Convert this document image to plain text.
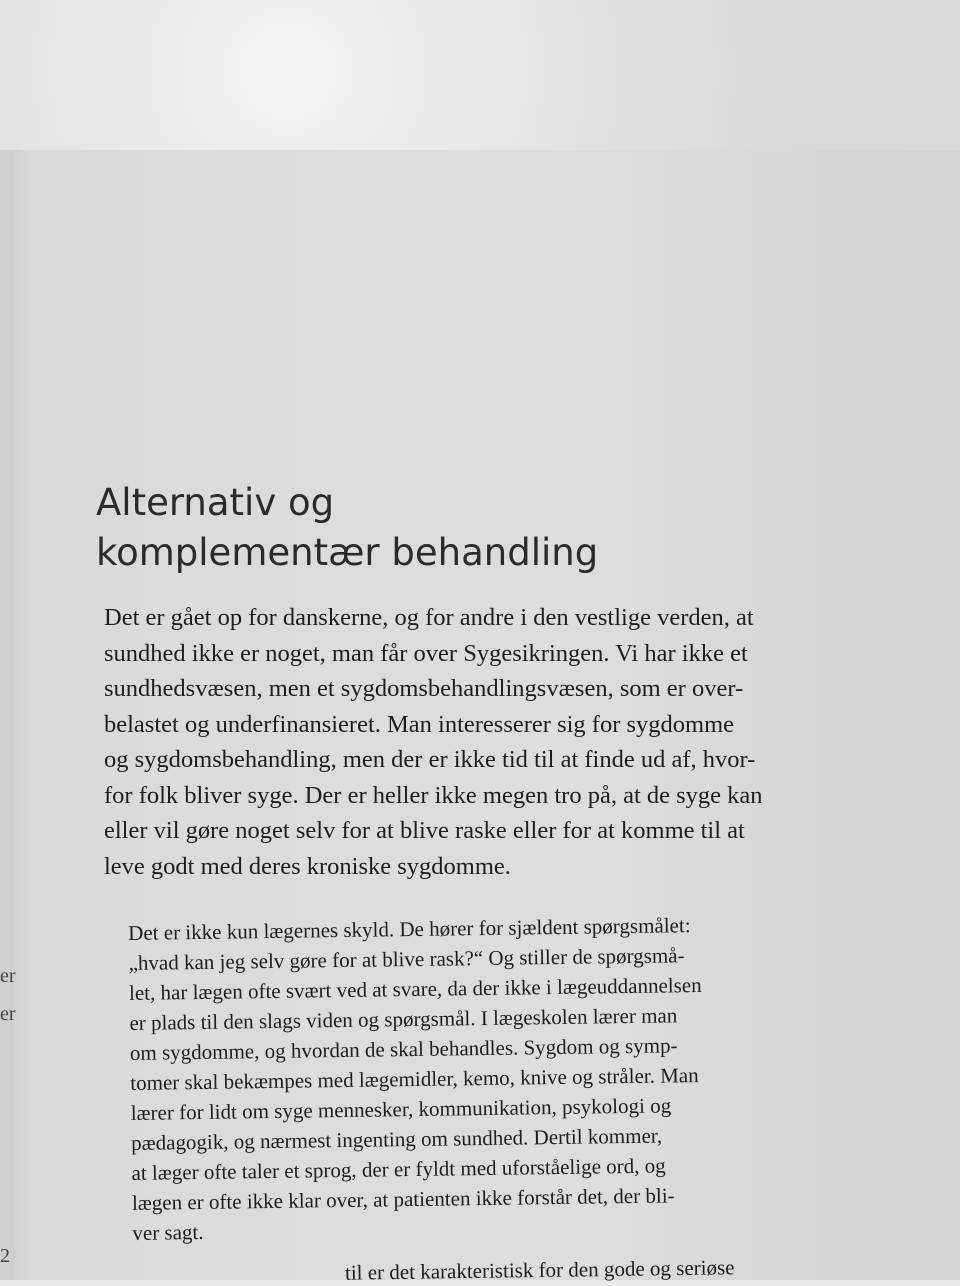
er
er
2
Alternativ og
komplementær behandling

Det er gået op for danskerne, og for andre i den vestlige verden, at
sundhed ikke er noget, man får over Sygesikringen. Vi har ikke et
sundhedsvæsen, men et sygdomsbehandlingsvæsen, som er over-
belastet og underfinansieret. Man interesserer sig for sygdomme
og sygdomsbehandling, men der er ikke tid til at finde ud af, hvor-
for folk bliver syge. Der er heller ikke megen tro på, at de syge kan
eller vil gøre noget selv for at blive raske eller for at komme til at
leve godt med deres kroniske sygdomme.

Det er ikke kun lægernes skyld. De hører for sjældent spørgsmålet:
„hvad kan jeg selv gøre for at blive rask?“ Og stiller de spørgsmå-
let, har lægen ofte svært ved at svare, da der ikke i lægeuddannelsen
er plads til den slags viden og spørgsmål. I lægeskolen lærer man
om sygdomme, og hvordan de skal behandles. Sygdom og symp-
tomer skal bekæmpes med lægemidler, kemo, knive og stråler. Man
lærer for lidt om syge mennesker, kommunikation, psykologi og
pædagogik, og nærmest ingenting om sundhed. Dertil kommer,
at læger ofte taler et sprog, der er fyldt med uforståelige ord, og
lægen er ofte ikke klar over, at patienten ikke forstår det, der bli-
ver sagt.

til er det karakteristisk for den gode og seriøse
